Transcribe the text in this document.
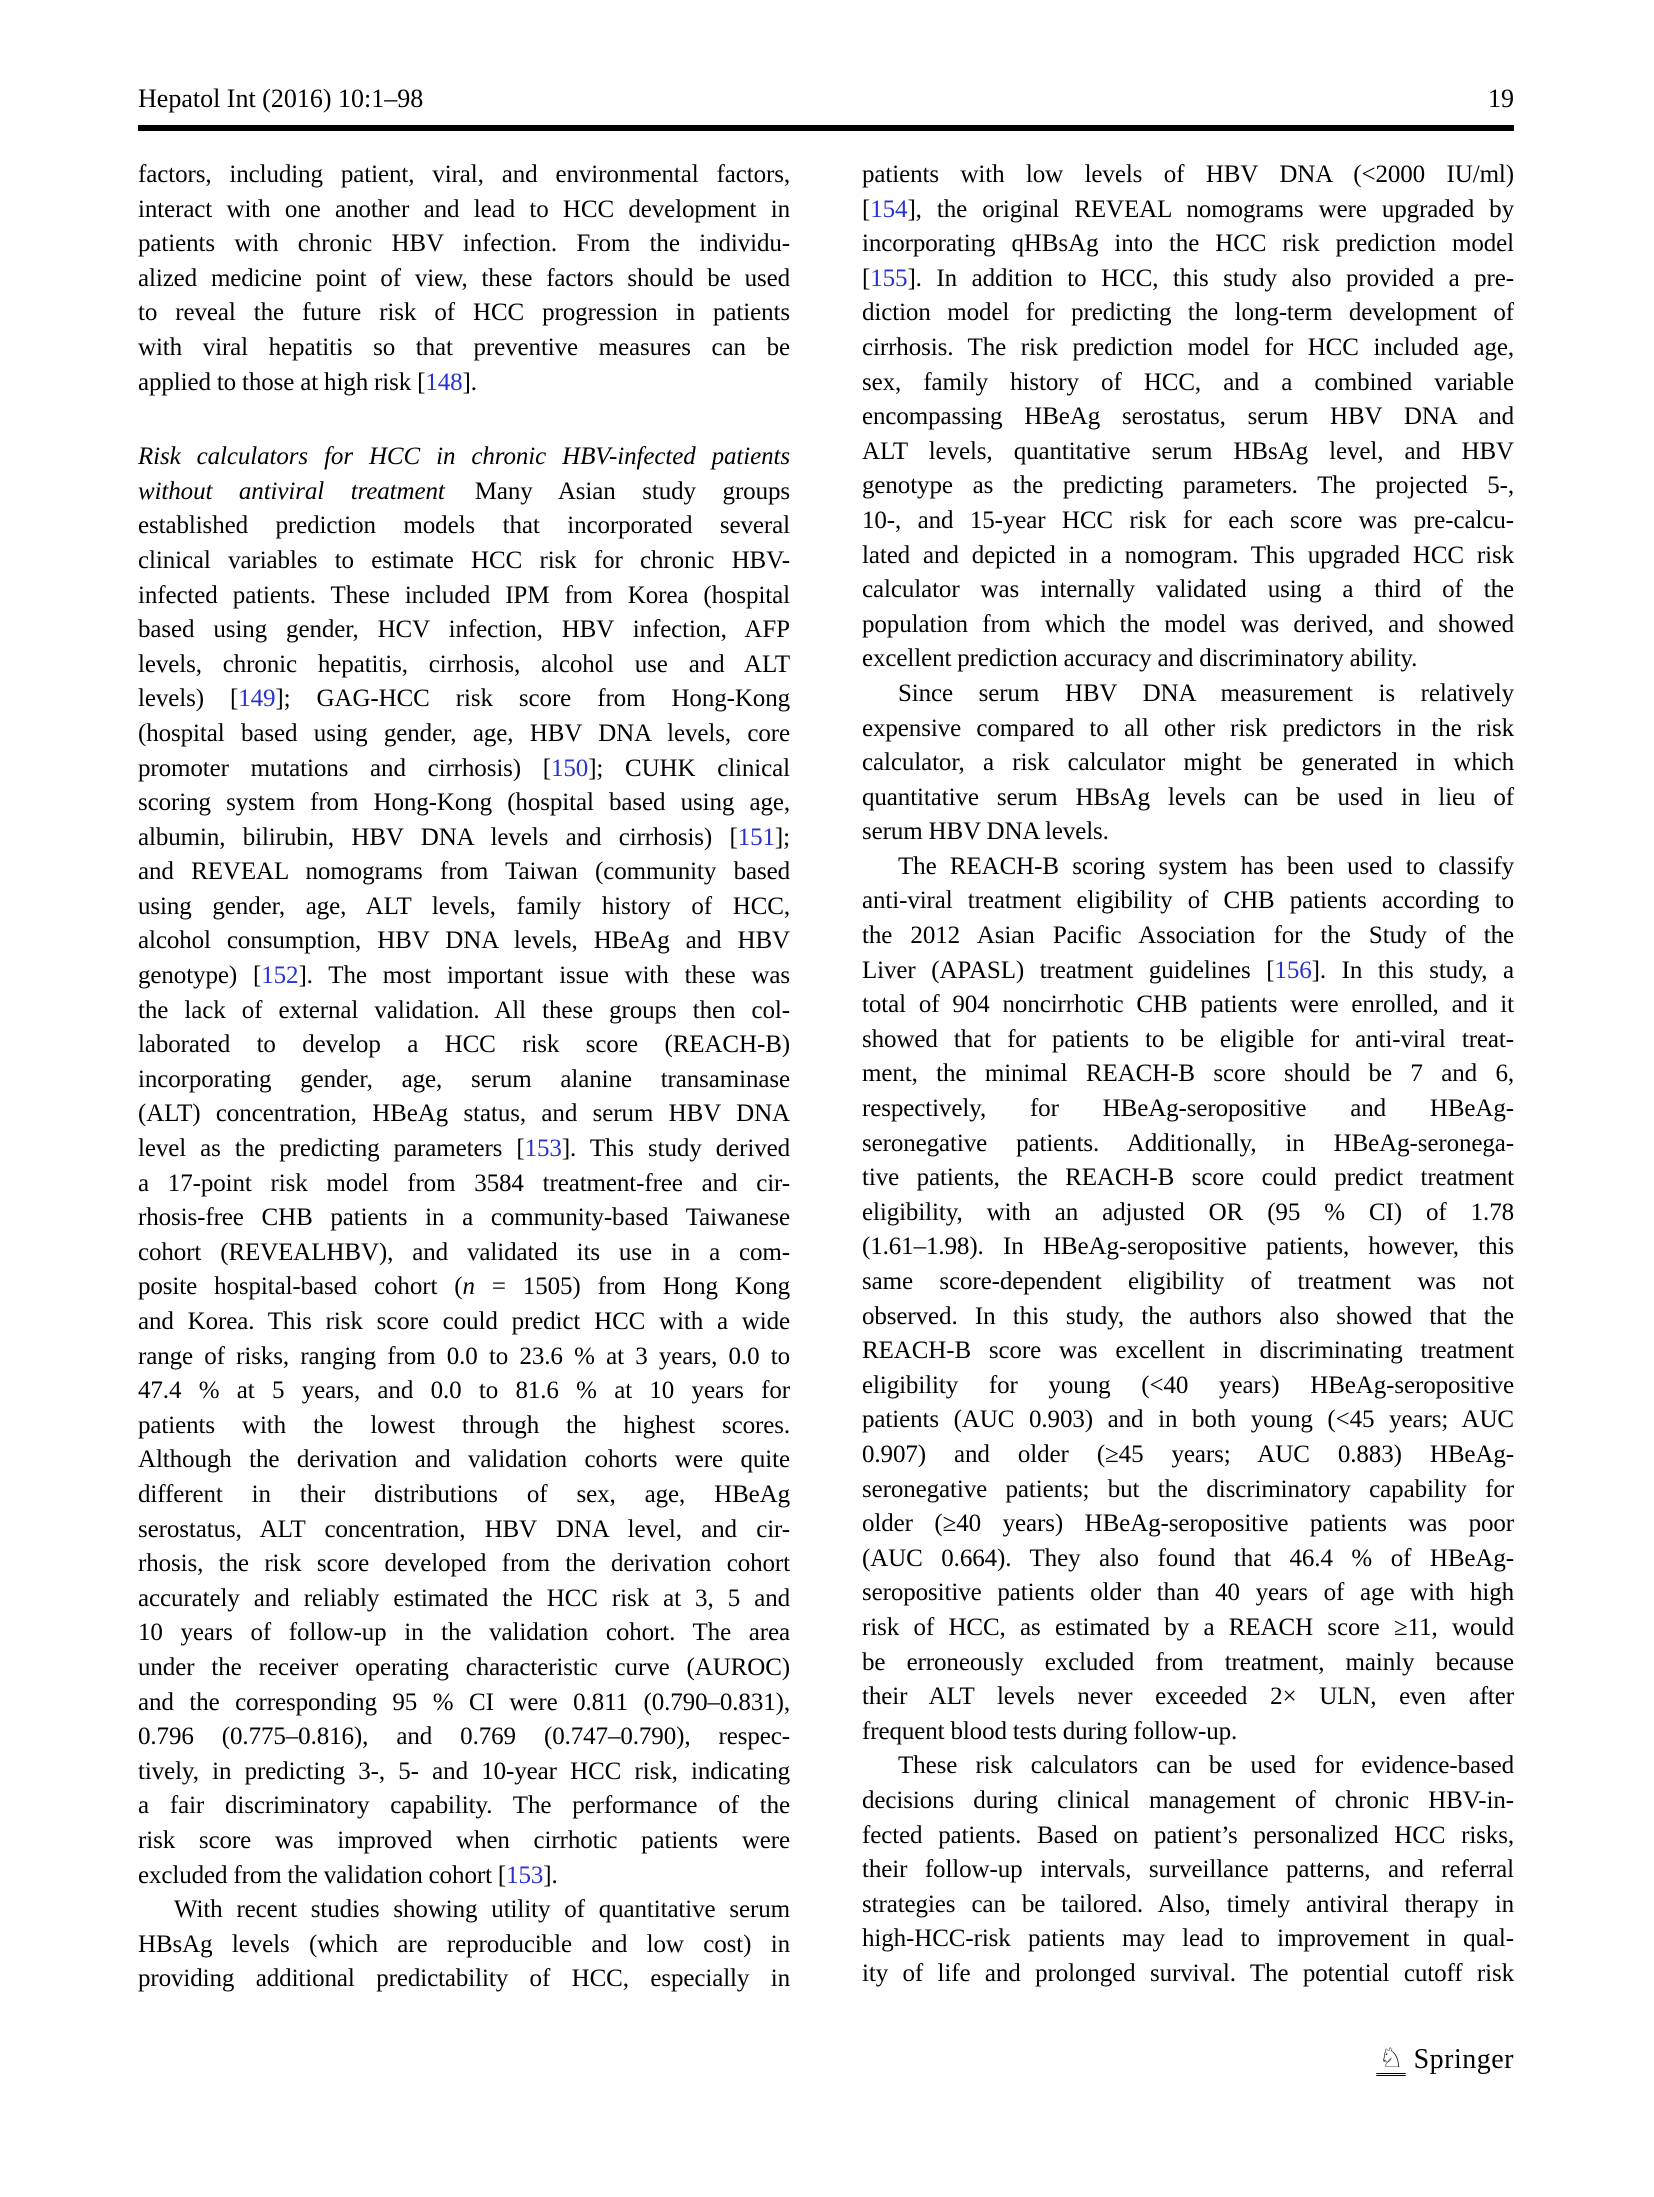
Hepatol Int (2016) 10:1–98	19
factors, including patient, viral, and environmental factors,
interact with one another and lead to HCC development in
patients with chronic HBV infection. From the individu-
alized medicine point of view, these factors should be used
to reveal the future risk of HCC progression in patients
with viral hepatitis so that preventive measures can be
applied to those at high risk [148].
Risk calculators for HCC in chronic HBV-infected patients
without antiviral treatment Many Asian study groups
established prediction models that incorporated several
clinical variables to estimate HCC risk for chronic HBV-
infected patients. These included IPM from Korea (hospital
based using gender, HCV infection, HBV infection, AFP
levels, chronic hepatitis, cirrhosis, alcohol use and ALT
levels) [149]; GAG-HCC risk score from Hong-Kong
(hospital based using gender, age, HBV DNA levels, core
promoter mutations and cirrhosis) [150]; CUHK clinical
scoring system from Hong-Kong (hospital based using age,
albumin, bilirubin, HBV DNA levels and cirrhosis) [151];
and REVEAL nomograms from Taiwan (community based
using gender, age, ALT levels, family history of HCC,
alcohol consumption, HBV DNA levels, HBeAg and HBV
genotype) [152]. The most important issue with these was
the lack of external validation. All these groups then col-
laborated to develop a HCC risk score (REACH-B)
incorporating gender, age, serum alanine transaminase
(ALT) concentration, HBeAg status, and serum HBV DNA
level as the predicting parameters [153]. This study derived
a 17-point risk model from 3584 treatment-free and cir-
rhosis-free CHB patients in a community-based Taiwanese
cohort (REVEALHBV), and validated its use in a com-
posite hospital-based cohort (n = 1505) from Hong Kong
and Korea. This risk score could predict HCC with a wide
range of risks, ranging from 0.0 to 23.6 % at 3 years, 0.0 to
47.4 % at 5 years, and 0.0 to 81.6 % at 10 years for
patients with the lowest through the highest scores.
Although the derivation and validation cohorts were quite
different in their distributions of sex, age, HBeAg
serostatus, ALT concentration, HBV DNA level, and cir-
rhosis, the risk score developed from the derivation cohort
accurately and reliably estimated the HCC risk at 3, 5 and
10 years of follow-up in the validation cohort. The area
under the receiver operating characteristic curve (AUROC)
and the corresponding 95 % CI were 0.811 (0.790–0.831),
0.796 (0.775–0.816), and 0.769 (0.747–0.790), respec-
tively, in predicting 3-, 5- and 10-year HCC risk, indicating
a fair discriminatory capability. The performance of the
risk score was improved when cirrhotic patients were
excluded from the validation cohort [153].
With recent studies showing utility of quantitative serum
HBsAg levels (which are reproducible and low cost) in
providing additional predictability of HCC, especially in
patients with low levels of HBV DNA (<2000 IU/ml)
[154], the original REVEAL nomograms were upgraded by
incorporating qHBsAg into the HCC risk prediction model
[155]. In addition to HCC, this study also provided a pre-
diction model for predicting the long-term development of
cirrhosis. The risk prediction model for HCC included age,
sex, family history of HCC, and a combined variable
encompassing HBeAg serostatus, serum HBV DNA and
ALT levels, quantitative serum HBsAg level, and HBV
genotype as the predicting parameters. The projected 5-,
10-, and 15-year HCC risk for each score was pre-calcu-
lated and depicted in a nomogram. This upgraded HCC risk
calculator was internally validated using a third of the
population from which the model was derived, and showed
excellent prediction accuracy and discriminatory ability.
Since serum HBV DNA measurement is relatively
expensive compared to all other risk predictors in the risk
calculator, a risk calculator might be generated in which
quantitative serum HBsAg levels can be used in lieu of
serum HBV DNA levels.
The REACH-B scoring system has been used to classify
anti-viral treatment eligibility of CHB patients according to
the 2012 Asian Pacific Association for the Study of the
Liver (APASL) treatment guidelines [156]. In this study, a
total of 904 noncirrhotic CHB patients were enrolled, and it
showed that for patients to be eligible for anti-viral treat-
ment, the minimal REACH-B score should be 7 and 6,
respectively, for HBeAg-seropositive and HBeAg-
seronegative patients. Additionally, in HBeAg-seronega-
tive patients, the REACH-B score could predict treatment
eligibility, with an adjusted OR (95 % CI) of 1.78
(1.61–1.98). In HBeAg-seropositive patients, however, this
same score-dependent eligibility of treatment was not
observed. In this study, the authors also showed that the
REACH-B score was excellent in discriminating treatment
eligibility for young (<40 years) HBeAg-seropositive
patients (AUC 0.903) and in both young (<45 years; AUC
0.907) and older (≥45 years; AUC 0.883) HBeAg-
seronegative patients; but the discriminatory capability for
older (≥40 years) HBeAg-seropositive patients was poor
(AUC 0.664). They also found that 46.4 % of HBeAg-
seropositive patients older than 40 years of age with high
risk of HCC, as estimated by a REACH score ≥11, would
be erroneously excluded from treatment, mainly because
their ALT levels never exceeded 2× ULN, even after
frequent blood tests during follow-up.
These risk calculators can be used for evidence-based
decisions during clinical management of chronic HBV-in-
fected patients. Based on patient’s personalized HCC risks,
their follow-up intervals, surveillance patterns, and referral
strategies can be tailored. Also, timely antiviral therapy in
high-HCC-risk patients may lead to improvement in qual-
ity of life and prolonged survival. The potential cutoff risk
♘ Springer
